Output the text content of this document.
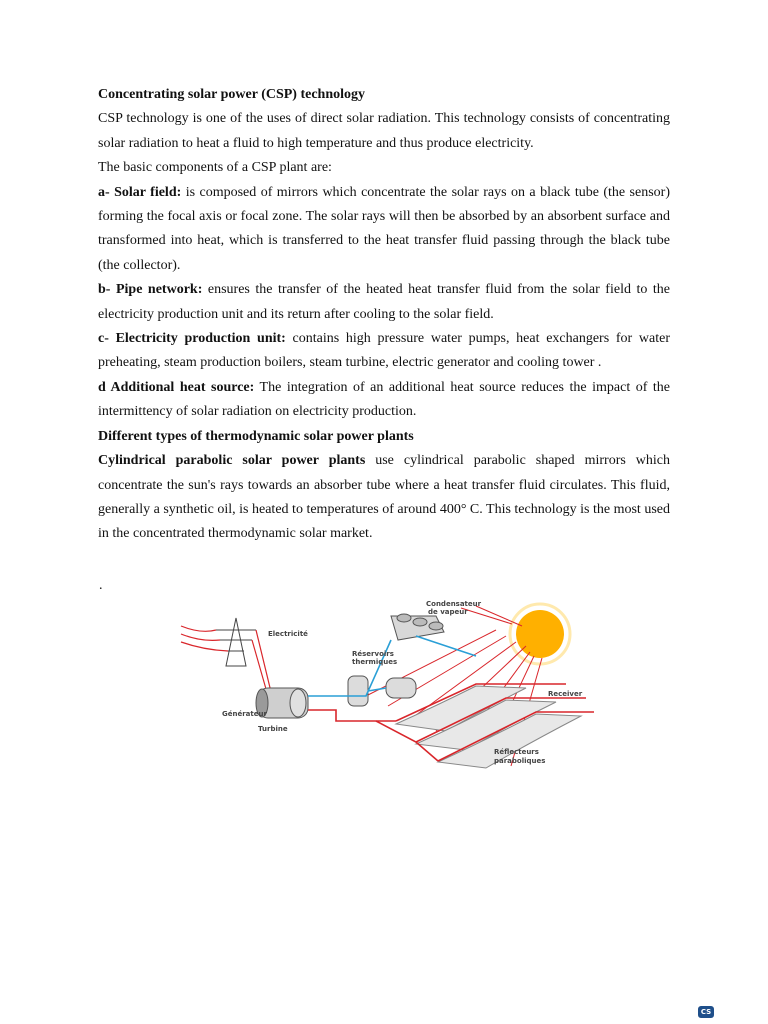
Concentrating solar power (CSP) technology

CSP technology is one of the uses of direct solar radiation. This technology consists of concentrating solar radiation to heat a fluid to high temperature and thus produce electricity.

The basic components of a CSP plant are:

a- Solar field: is composed of mirrors which concentrate the solar rays on a black tube (the sensor) forming the focal axis or focal zone. The solar rays will then be absorbed by an absorbent surface and transformed into heat, which is transferred to the heat transfer fluid passing through the black tube (the collector).

b- Pipe network: ensures the transfer of the heated heat transfer fluid from the solar field to the electricity production unit and its return after cooling to the solar field.

c- Electricity production unit: contains high pressure water pumps, heat exchangers for water preheating, steam production boilers, steam turbine, electric generator and cooling tower .

d Additional heat source: The integration of an additional heat source reduces the impact of the intermittency of solar radiation on electricity production.

Different types of thermodynamic solar power plants

Cylindrical parabolic solar power plants use cylindrical parabolic shaped mirrors which concentrate the sun's rays towards an absorber tube where a heat transfer fluid circulates. This fluid, generally a synthetic oil, is heated to temperatures of around 400° C. This technology is the most used in the concentrated thermodynamic solar market.

.
Condensateur
de vapeur
Electricité
Réservoirs
thermiques
Receiver
Générateur
Turbine
Réflecteurs
paraboliques
CS
